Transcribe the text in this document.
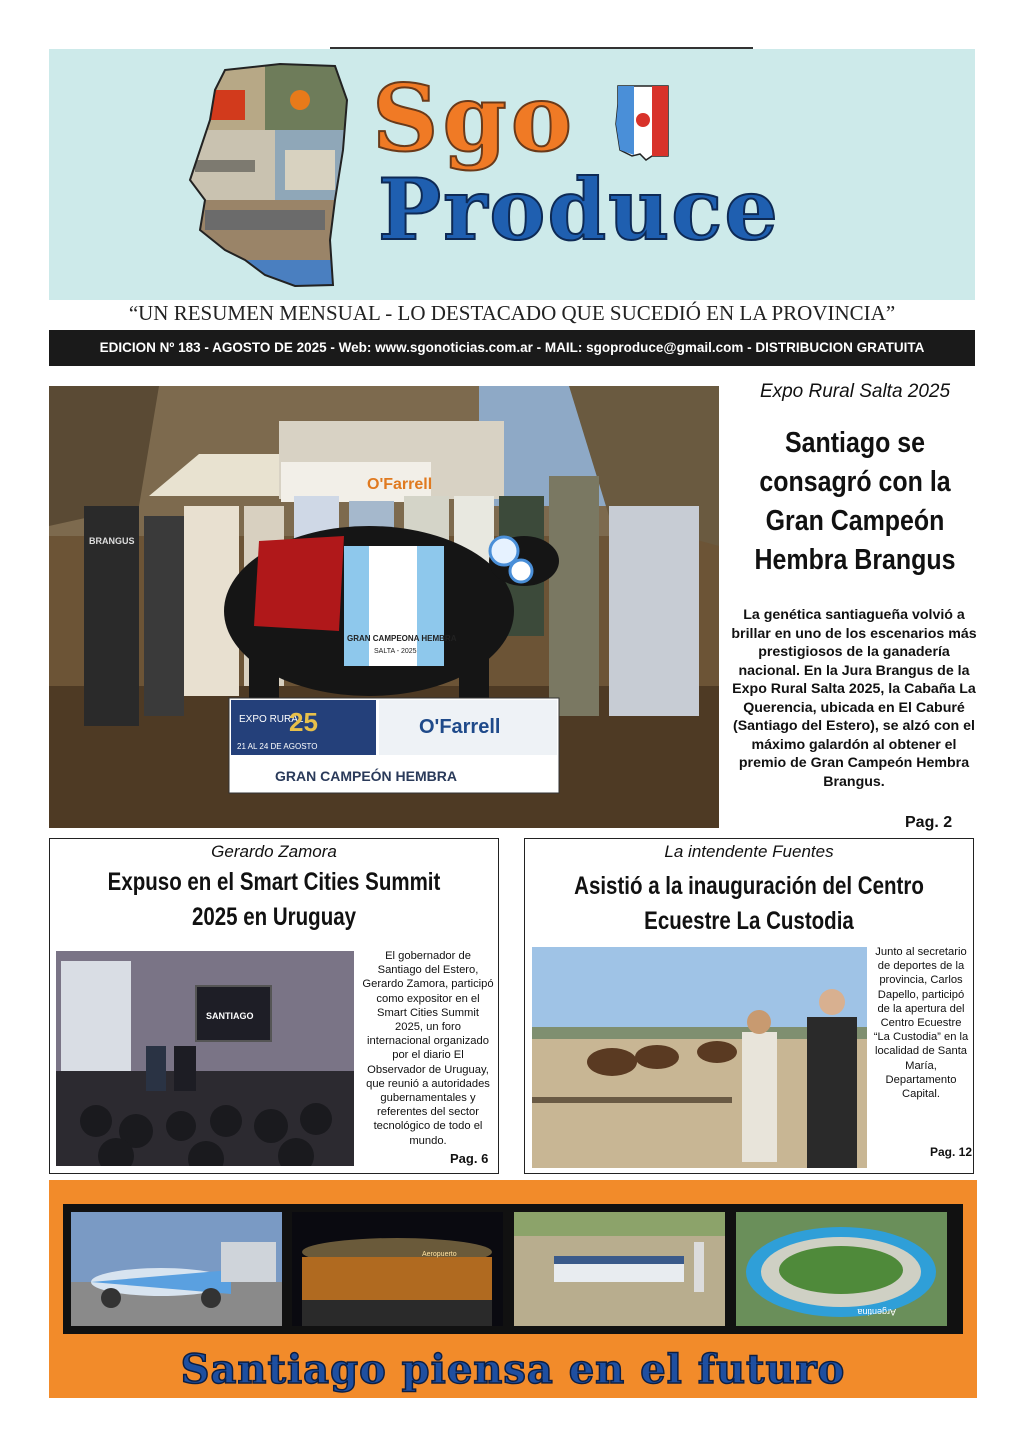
Sgo
Produce
“UN RESUMEN MENSUAL - LO DESTACADO QUE SUCEDIÓ EN LA PROVINCIA”
EDICION Nº 183 - AGOSTO DE 2025 - Web: www.sgonoticias.com.ar - MAIL: sgoproduce@gmail.com - DISTRIBUCION GRATUITA
O'Farrell
GRAN CAMPEONA HEMBRA
SALTA - 2025
EXPO RURAL
25
21 AL 24 DE AGOSTO
O'Farrell
GRAN CAMPEÓN HEMBRA
BRANGUS
Expo Rural Salta 2025
Santiago se consagró con la Gran Campeón Hembra Brangus
La genética santiagueña volvió a brillar en uno de los escenarios más prestigiosos de la ganadería nacional. En la Jura Brangus de la Expo Rural Salta 2025, la Cabaña La Querencia, ubicada en El Caburé (Santiago del Estero), se alzó con el máximo galardón al obtener el premio de Gran Campeón Hembra Brangus.
Pag. 2
Gerardo Zamora
Expuso en el Smart Cities Summit 2025 en Uruguay
SANTIAGO
El gobernador de Santiago del Estero, Gerardo Zamora, participó como expositor en el Smart Cities Summit 2025, un foro internacional organizado por el diario El Observador de Uruguay, que reunió a autoridades gubernamentales y referentes del sector tecnológico de todo el mundo.
Pag. 6
La intendente Fuentes
Asistió a la inauguración del Centro Ecuestre La Custodia
Junto al secretario de deportes de la provincia, Carlos Dapello, participó de la apertura del Centro Ecuestre “La Custodia” en la localidad de Santa María, Departamento Capital.
Pag. 12
Aeropuerto
Argentina
Santiago piensa en el futuro
